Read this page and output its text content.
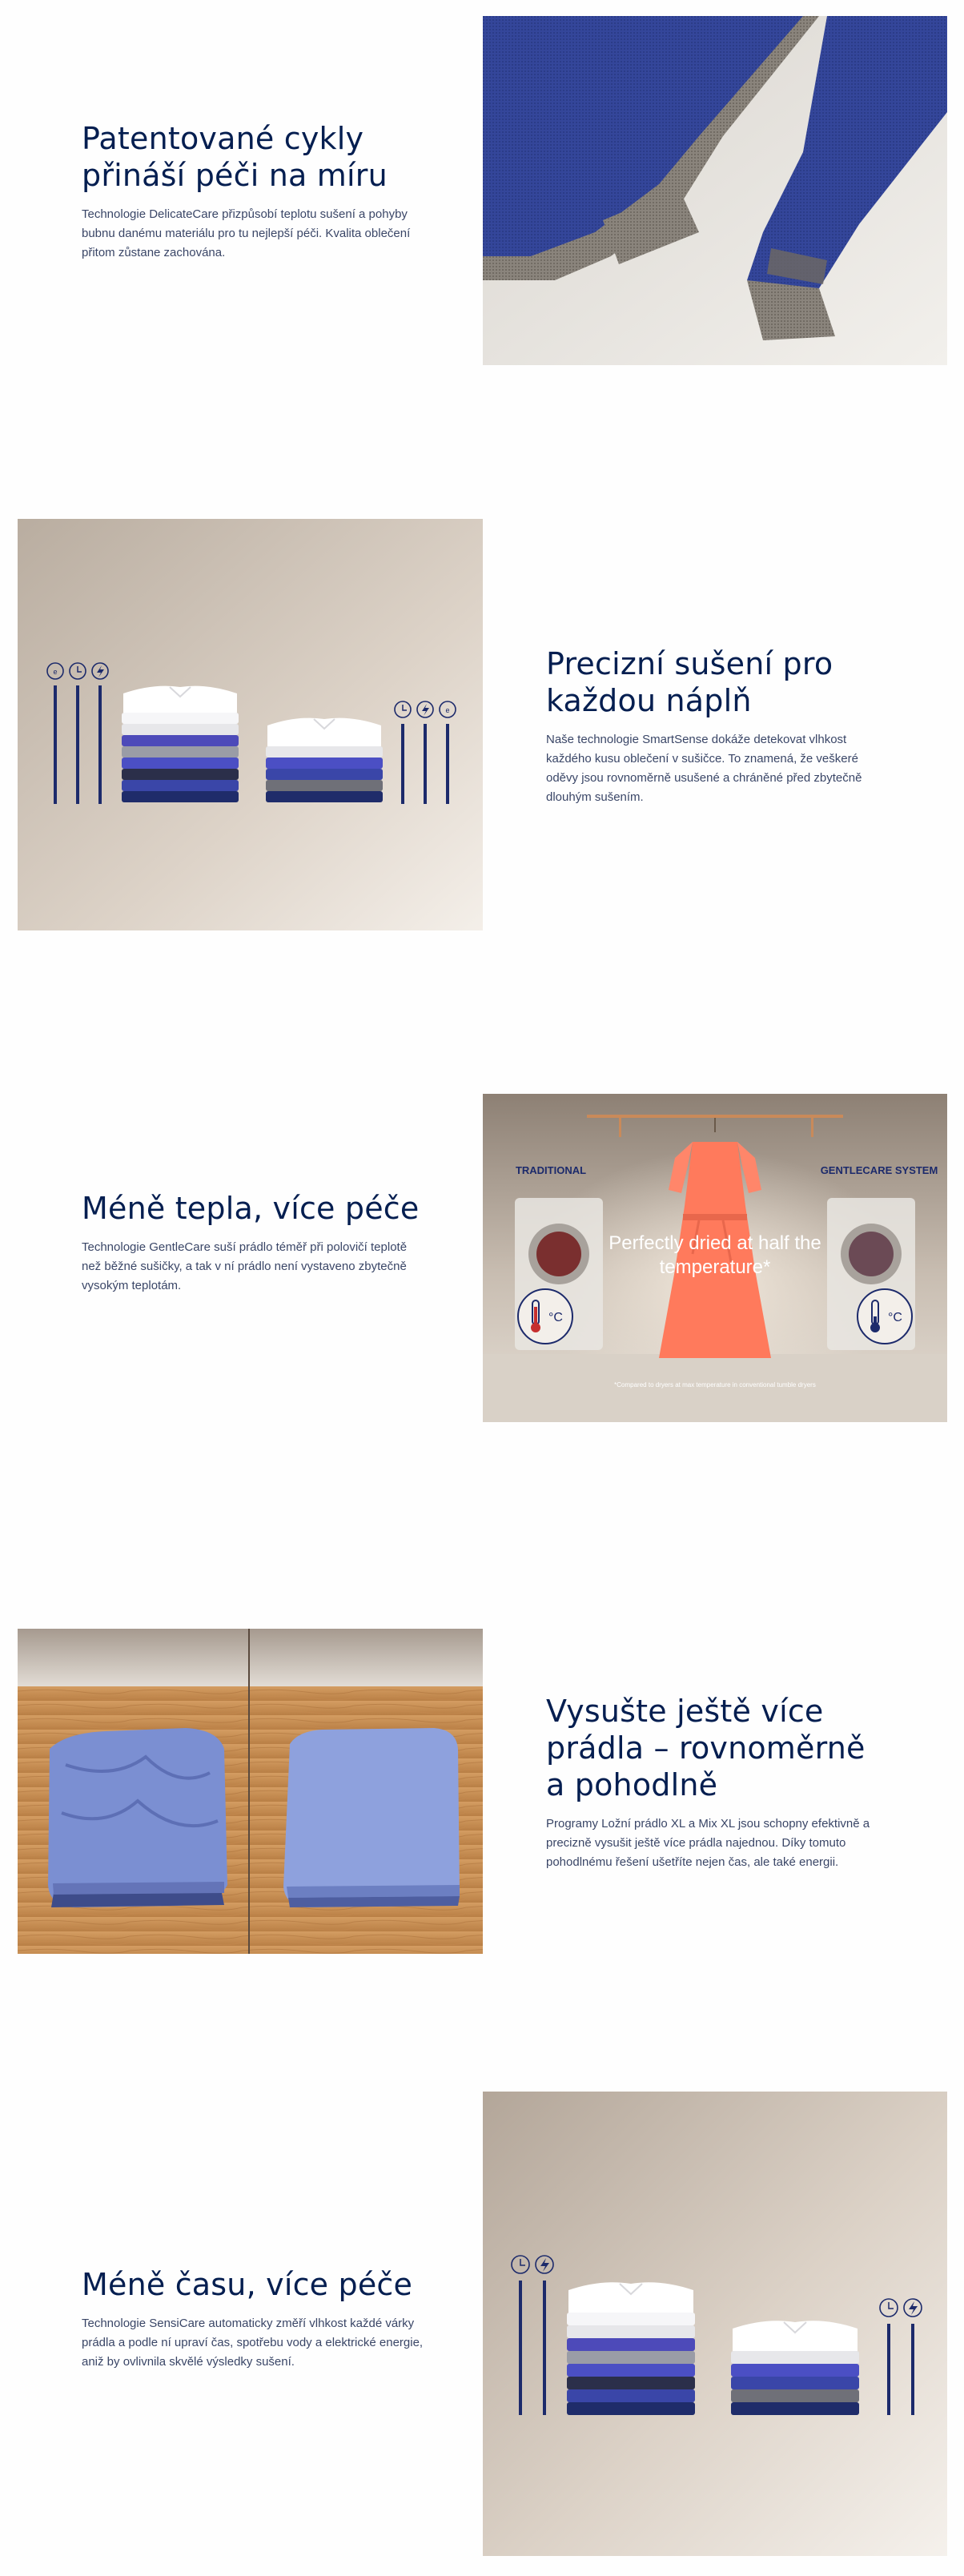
Patentované cykly přináší péči na míru

Technologie DelicateCare přizpůsobí teplotu sušení a pohyby bubnu danému materiálu pro tu nejlepší péči. Kvalita oblečení přitom zůstane zachována.

e
e
Precizní sušení pro každou náplň

Naše technologie SmartSense dokáže detekovat vlhkost každého kusu oblečení v sušičce. To znamená, že veškeré oděvy jsou rovnoměrně usušené a chráněné před zbytečně dlouhým sušením.

Méně tepla, více péče

Technologie GentleCare suší prádlo téměř při polovičí teplotě než běžné sušičky, a tak v ní prádlo není vystaveno zbytečně vysokým teplotám.

°C	°C
TRADITIONAL	GENTLECARE SYSTEM
Perfectly dried at half the temperature*
*Compared to dryers at max temperature in conventional tumble dryers
Vysušte ještě více prádla – rovnoměrně a pohodlně

Programy Ložní prádlo XL a Mix XL jsou schopny efektivně a precizně vysušit ještě více prádla najednou. Díky tomuto pohodlnému řešení ušetříte nejen čas, ale také energii.

Méně času, více péče

Technologie SensiCare automaticky změří vlhkost každé várky prádla a podle ní upraví čas, spotřebu vody a elektrické energie, aniž by ovlivnila skvělé výsledky sušení.
